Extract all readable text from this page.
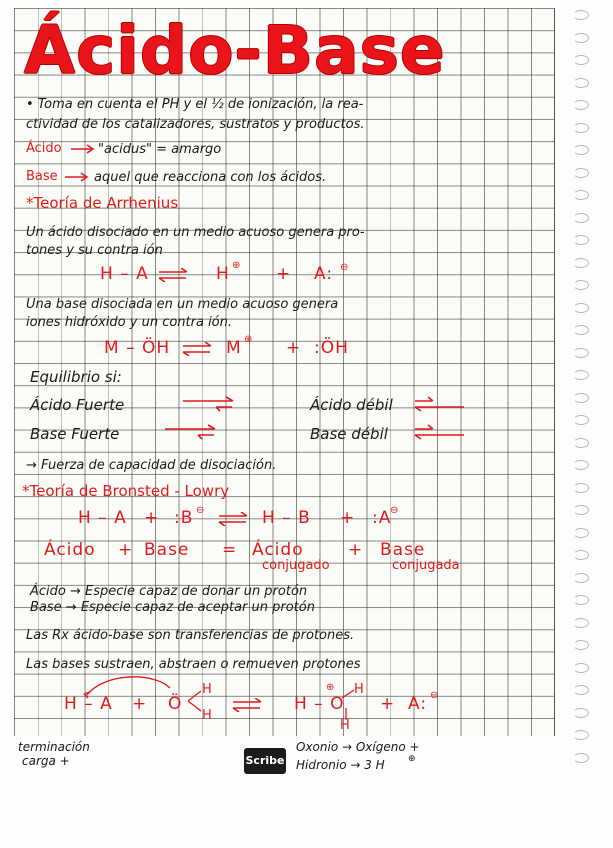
Ácido-Base
• Toma en cuenta el PH y el ½ de ionización, la rea-
ctividad de los catalizadores, sustratos y productos.
Ácido	"acidus" = amargo
Base	aquel que reacciona con los ácidos.
*Teoría de Arrhenius
Un ácido disociado en un medio acuoso genera pro-
tones y su contra ión
H – A ⇌ H ⊕ + A: ⊖
Una base disociada en un medio acuoso genera
iones hidróxido y un contra ión.
M – ÖH ⇌ M ⊕ + :ÖH
Equilibrio si:
Ácido Fuerte	Ácido débil
Base Fuerte	Base débil
→ Fuerza de capacidad de disociación.
*Teoría de Bronsted - Lowry
H – A + :B ⊖ ⇌ H – B + :A
⊖
Ácido + Base = Ácido
conjugado
+ Base
conjugada
Ácido → Especie capaz de donar un protón
Base → Especie capaz de aceptar un protón
Las Rx ácido-base son transferencias de protones.
Las bases sustraen, abstraen o remueven protones
H – A + Ö
H
H
H – O
⊕ H
H
+ A: ⊖
terminación
carga +	Scribe
Oxonio → Oxígeno +
Hidronio → 3 H	⊕
